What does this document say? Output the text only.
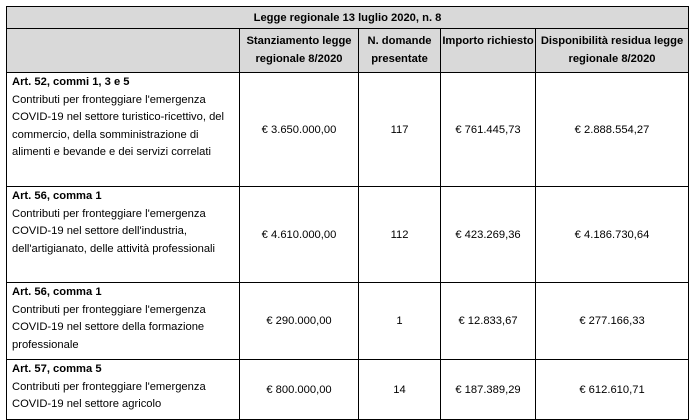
Legge regionale 13 luglio 2020, n. 8				
	Stanziamento legge regionale 8/2020	N. domande presentate	Importo richiesto	Disponibilità residua legge regionale 8/2020

Art. 52, commi 1, 3 e 5
Contributi per fronteggiare l'emergenza COVID-19 nel settore turistico-ricettivo, del commercio, della somministrazione di alimenti e bevande e dei servizi correlati	€ 3.650.000,00	117	€ 761.445,73	€ 2.888.554,27

Art. 56, comma 1
Contributi per fronteggiare l'emergenza COVID-19 nel settore dell'industria, dell'artigianato, delle attività professionali	€ 4.610.000,00	112	€ 423.269,36	€ 4.186.730,64

Art. 56, comma 1
Contributi per fronteggiare l'emergenza COVID-19 nel settore della formazione professionale	€ 290.000,00	1	€ 12.833,67	€ 277.166,33

Art. 57, comma 5
Contributi per fronteggiare l'emergenza COVID-19 nel settore agricolo	€ 800.000,00	14	€ 187.389,29	€ 612.610,71
